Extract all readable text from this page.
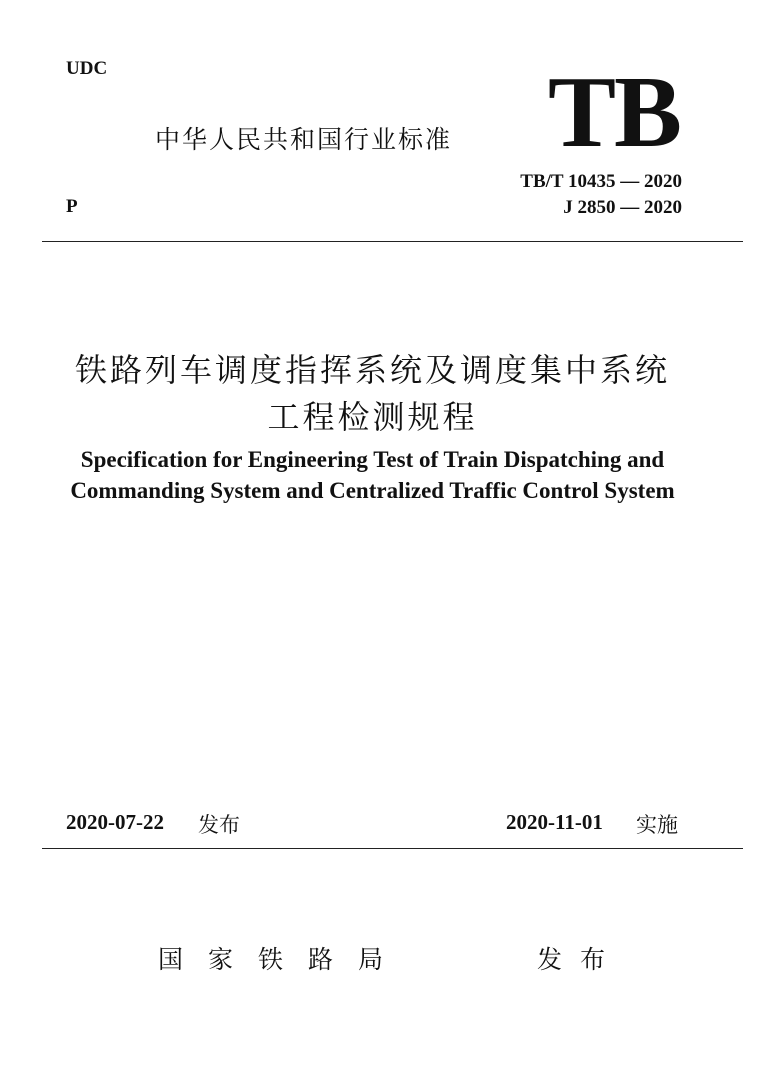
UDC
中华人民共和国行业标准 TB
P
TB/T 10435 — 2020
J 2850 — 2020
铁路列车调度指挥系统及调度集中系统
工程检测规程
Specification for Engineering Test of Train Dispatching and
Commanding System and Centralized Traffic Control System
2020-07-22 发布	2020-11-01 实施
国家铁路局	发布
